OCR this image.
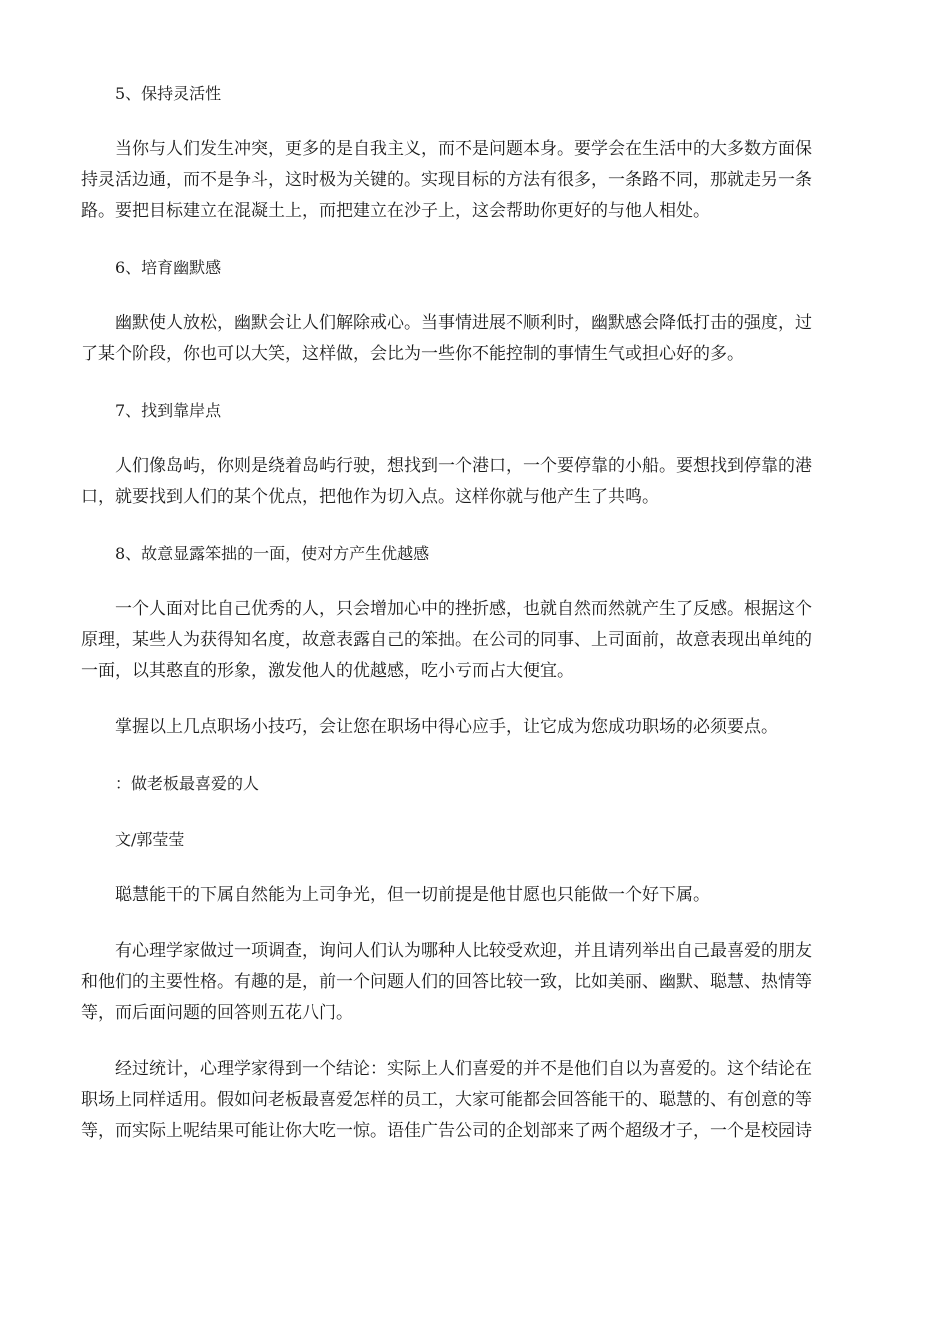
5、保持灵活性
当你与人们发生冲突，更多的是自我主义，而不是问题本身。要学会在生活中的大多数方面保
持灵活边通，而不是争斗，这时极为关键的。实现目标的方法有很多，一条路不同，那就走另一条
路。要把目标建立在混凝土上，而把建立在沙子上，这会帮助你更好的与他人相处。
6、培育幽默感
幽默使人放松，幽默会让人们解除戒心。当事情进展不顺利时，幽默感会降低打击的强度，过
了某个阶段，你也可以大笑，这样做，会比为一些你不能控制的事情生气或担心好的多。
7、找到靠岸点
人们像岛屿，你则是绕着岛屿行驶，想找到一个港口，一个要停靠的小船。要想找到停靠的港
口，就要找到人们的某个优点，把他作为切入点。这样你就与他产生了共鸣。
8、故意显露笨拙的一面，使对方产生优越感
一个人面对比自己优秀的人，只会增加心中的挫折感，也就自然而然就产生了反感。根据这个
原理，某些人为获得知名度，故意表露自己的笨拙。在公司的同事、上司面前，故意表现出单纯的
一面，以其憨直的形象，激发他人的优越感，吃小亏而占大便宜。
掌握以上几点职场小技巧，会让您在职场中得心应手，让它成为您成功职场的必须要点。
：做老板最喜爱的人
文/郭莹莹
聪慧能干的下属自然能为上司争光，但一切前提是他甘愿也只能做一个好下属。
有心理学家做过一项调查，询问人们认为哪种人比较受欢迎，并且请列举出自己最喜爱的朋友
和他们的主要性格。有趣的是，前一个问题人们的回答比较一致，比如美丽、幽默、聪慧、热情等
等，而后面问题的回答则五花八门。
经过统计，心理学家得到一个结论：实际上人们喜爱的并不是他们自以为喜爱的。这个结论在
职场上同样适用。假如问老板最喜爱怎样的员工，大家可能都会回答能干的、聪慧的、有创意的等
等，而实际上呢结果可能让你大吃一惊。语佳广告公司的企划部来了两个超级才子，一个是校园诗
